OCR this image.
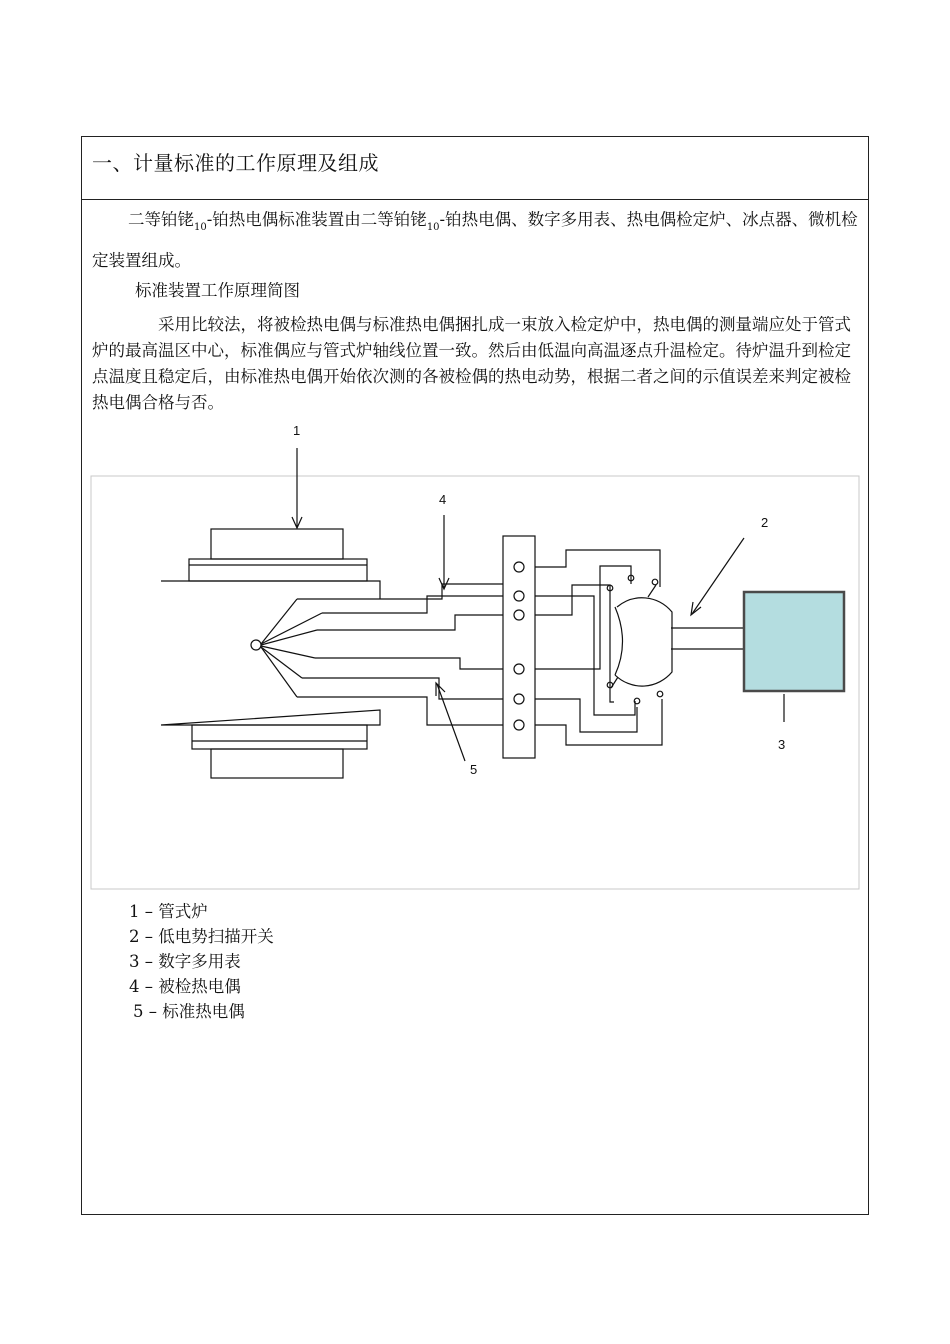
一、计量标准的工作原理及组成
二等铂铑$_{10}$-铂热电偶标准装置由二等铂铑$_{10}$-铂热电偶、数字多用表、热电偶检定炉、冰点器、微机检定装置组成。
标准装置工作原理简图
采用比较法，将被检热电偶与标准热电偶捆扎成一束放入检定炉中，热电偶的测量端应处于管式炉的最高温区中心，标准偶应与管式炉轴线位置一致。然后由低温向高温逐点升温检定。待炉温升到检定点温度且稳定后，由标准热电偶开始依次测的各被检偶的热电动势，根据二者之间的示值误差来判定被检热电偶合格与否。
1
2
3
4
5
1 – 管式炉
2 – 低电势扫描开关
3 – 数字多用表
4 – 被检热电偶
5 – 标准热电偶
